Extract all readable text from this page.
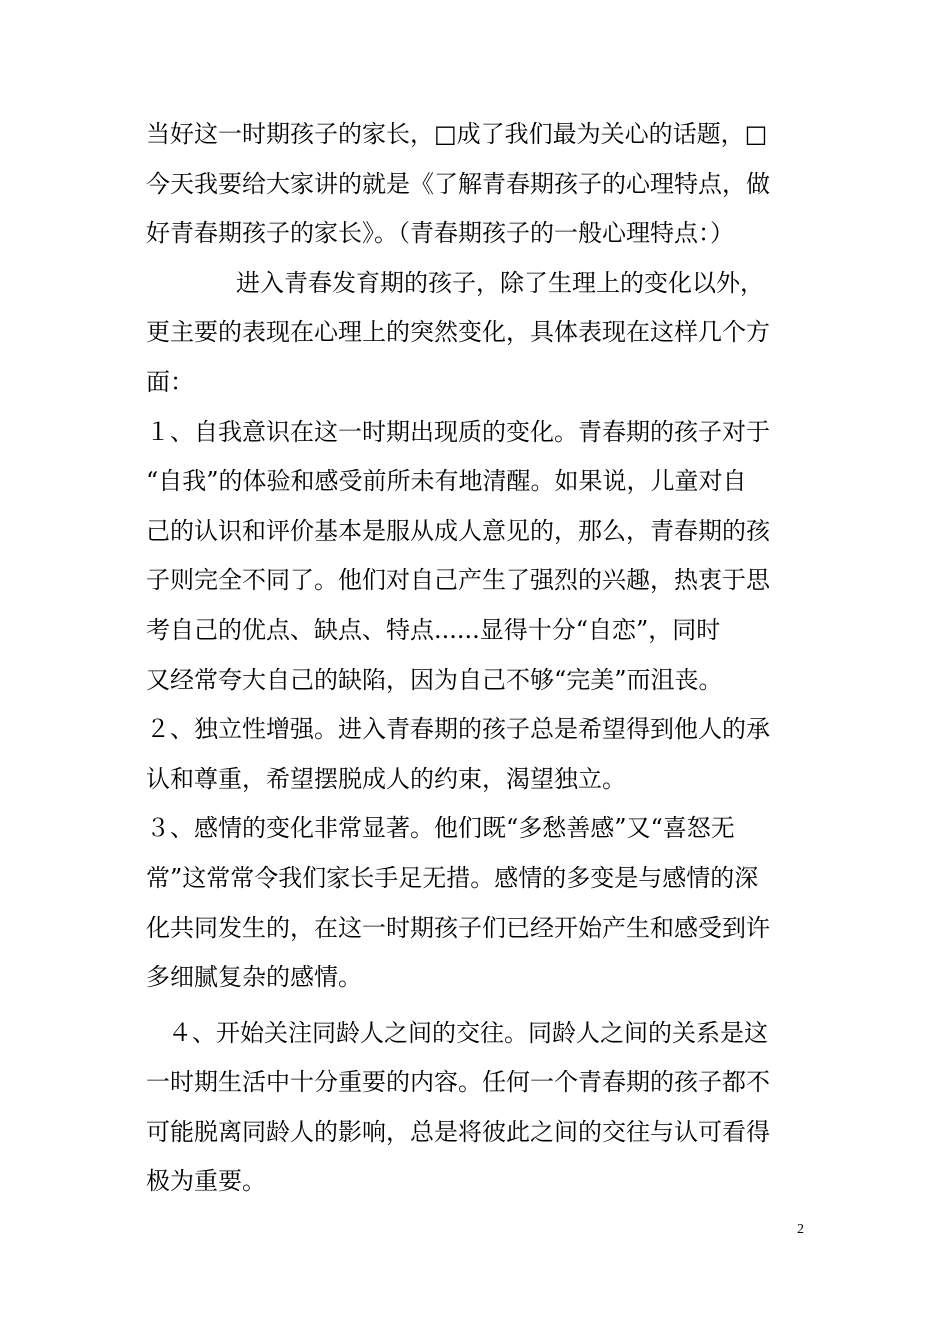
当好这一时期孩子的家长，□成了我们最为关心的话题，□
今天我要给大家讲的就是《了解青春期孩子的心理特点，做
好青春期孩子的家长》。（青春期孩子的一般心理特点：）
进入青春发育期的孩子，除了生理上的变化以外，
更主要的表现在心理上的突然变化，具体表现在这样几个方
面：
１、自我意识在这一时期出现质的变化。青春期的孩子对于
“自我”的体验和感受前所未有地清醒。如果说，儿童对自
己的认识和评价基本是服从成人意见的，那么，青春期的孩
子则完全不同了。他们对自己产生了强烈的兴趣，热衷于思
考自己的优点、缺点、特点......显得十分“自恋”，同时
又经常夸大自己的缺陷，因为自己不够“完美”而沮丧。
２、独立性增强。进入青春期的孩子总是希望得到他人的承
认和尊重，希望摆脱成人的约束，渴望独立。
３、感情的变化非常显著。他们既“多愁善感”又“喜怒无
常”这常常令我们家长手足无措。感情的多变是与感情的深
化共同发生的，在这一时期孩子们已经开始产生和感受到许
多细腻复杂的感情。
４、开始关注同龄人之间的交往。同龄人之间的关系是这
一时期生活中十分重要的内容。任何一个青春期的孩子都不
可能脱离同龄人的影响，总是将彼此之间的交往与认可看得
极为重要。
2
